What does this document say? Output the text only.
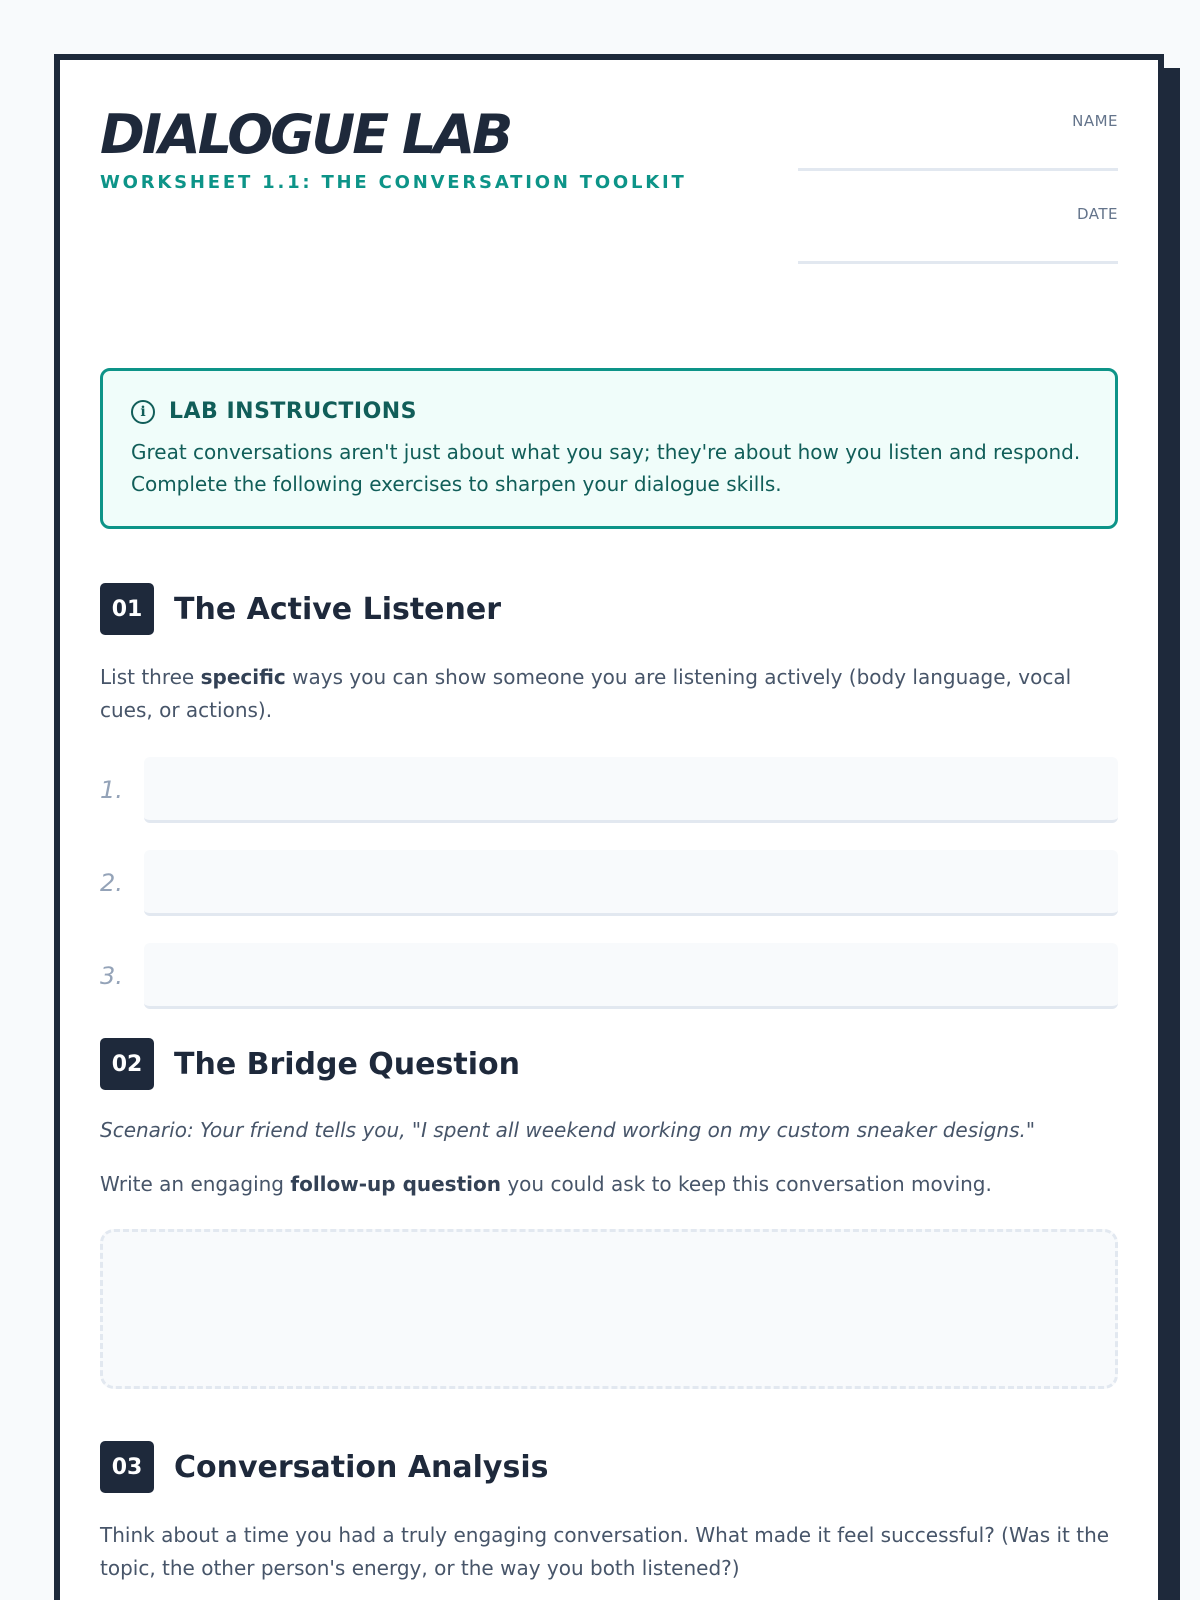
DIALOGUE LAB
WORKSHEET 1.1: THE CONVERSATION TOOLKIT
NAME
DATE
i	LAB INSTRUCTIONS

Great conversations aren't just about what you say; they're about how you listen and respond. Complete the following exercises to sharpen your dialogue skills.

01	The Active Listener

List three specific ways you can show someone you are listening actively (body language, vocal cues, or actions).

1.
2.
3.
02	The Bridge Question

Scenario: Your friend tells you, "I spent all weekend working on my custom sneaker designs."

Write an engaging follow-up question you could ask to keep this conversation moving.

03	Conversation Analysis

Think about a time you had a truly engaging conversation. What made it feel successful? (Was it the topic, the other person's energy, or the way you both listened?)
